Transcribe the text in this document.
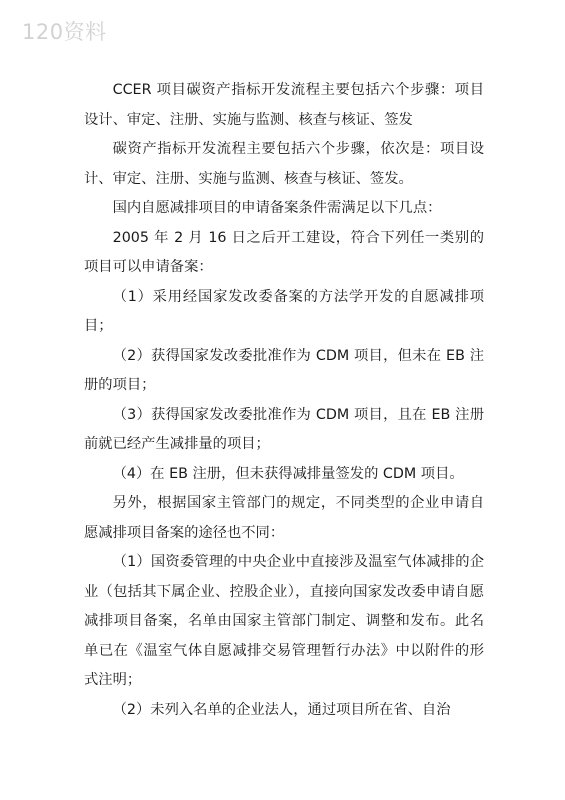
120资料

CCER 项目碳资产指标开发流程主要包括六个步骤：项目设计、审定、注册、实施与监测、核查与核证、签发

碳资产指标开发流程主要包括六个步骤，依次是：项目设计、审定、注册、实施与监测、核查与核证、签发。

国内自愿减排项目的申请备案条件需满足以下几点：

2005 年 2 月 16 日之后开工建设，符合下列任一类别的项目可以申请备案：

（1）采用经国家发改委备案的方法学开发的自愿减排项目；

（2）获得国家发改委批准作为 CDM 项目，但未在 EB 注册的项目；

（3）获得国家发改委批准作为 CDM 项目，且在 EB 注册前就已经产生减排量的项目；

（4）在 EB 注册，但未获得减排量签发的 CDM 项目。

另外，根据国家主管部门的规定，不同类型的企业申请自愿减排项目备案的途径也不同：

（1）国资委管理的中央企业中直接涉及温室气体减排的企业（包括其下属企业、控股企业），直接向国家发改委申请自愿减排项目备案，名单由国家主管部门制定、调整和发布。此名单已在《温室气体自愿减排交易管理暂行办法》中以附件的形式注明；

（2）未列入名单的企业法人，通过项目所在省、自治
